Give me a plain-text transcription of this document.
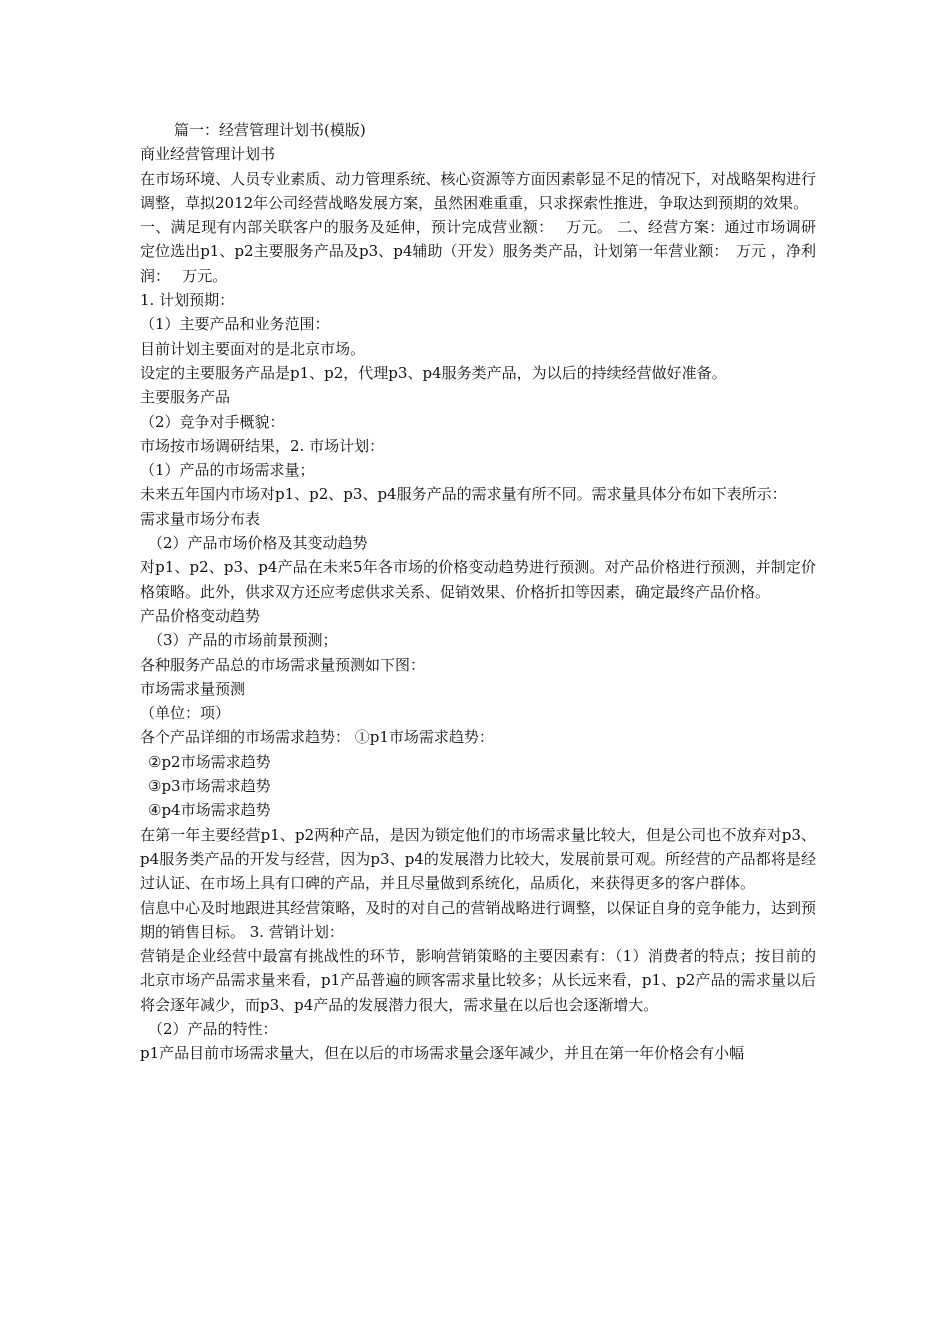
篇一：经营管理计划书(模版)

商业经营管理计划书

在市场环境、人员专业素质、动力管理系统、核心资源等方面因素彰显不足的情况下，对战略架构进行调整，草拟2012年公司经营战略发展方案，虽然困难重重，只求探索性推进，争取达到预期的效果。

一、满足现有内部关联客户的服务及延伸，预计完成营业额：　 万元。 二、经营方案：通过市场调研定位选出p1、p2主要服务产品及p3、p4辅助（开发）服务类产品，计划第一年营业额：　万元 ，净利润：　 万元。

1. 计划预期：

（1）主要产品和业务范围：

目前计划主要面对的是北京市场。

设定的主要服务产品是p1、p2，代理p3、p4服务类产品，为以后的持续经营做好准备。

主要服务产品

（2）竞争对手概貌：

市场按市场调研结果，2. 市场计划：

（1）产品的市场需求量；

未来五年国内市场对p1、p2、p3、p4服务产品的需求量有所不同。需求量具体分布如下表所示：

需求量市场分布表

（2）产品市场价格及其变动趋势

对p1、p2、p3、p4产品在未来5年各市场的价格变动趋势进行预测。对产品价格进行预测，并制定价格策略。此外，供求双方还应考虑供求关系、促销效果、价格折扣等因素，确定最终产品价格。

产品价格变动趋势

（3）产品的市场前景预测；

各种服务产品总的市场需求量预测如下图：

市场需求量预测

（单位：项）

各个产品详细的市场需求趋势： ①p1市场需求趋势：

②p2市场需求趋势

③p3市场需求趋势

④p4市场需求趋势

在第一年主要经营p1、p2两种产品，是因为锁定他们的市场需求量比较大，但是公司也不放弃对p3、p4服务类产品的开发与经营，因为p3、p4的发展潜力比较大，发展前景可观。所经营的产品都将是经过认证、在市场上具有口碑的产品，并且尽量做到系统化，品质化，来获得更多的客户群体。

信息中心及时地跟进其经营策略，及时的对自己的营销战略进行调整，以保证自身的竞争能力，达到预期的销售目标。 3. 营销计划：

营销是企业经营中最富有挑战性的环节，影响营销策略的主要因素有：（1）消费者的特点；按目前的北京市场产品需求量来看，p1产品普遍的顾客需求量比较多；从长远来看，p1、p2产品的需求量以后将会逐年减少，而p3、p4产品的发展潜力很大，需求量在以后也会逐渐增大。

（2）产品的特性：

p1产品目前市场需求量大，但在以后的市场需求量会逐年减少，并且在第一年价格会有小幅
